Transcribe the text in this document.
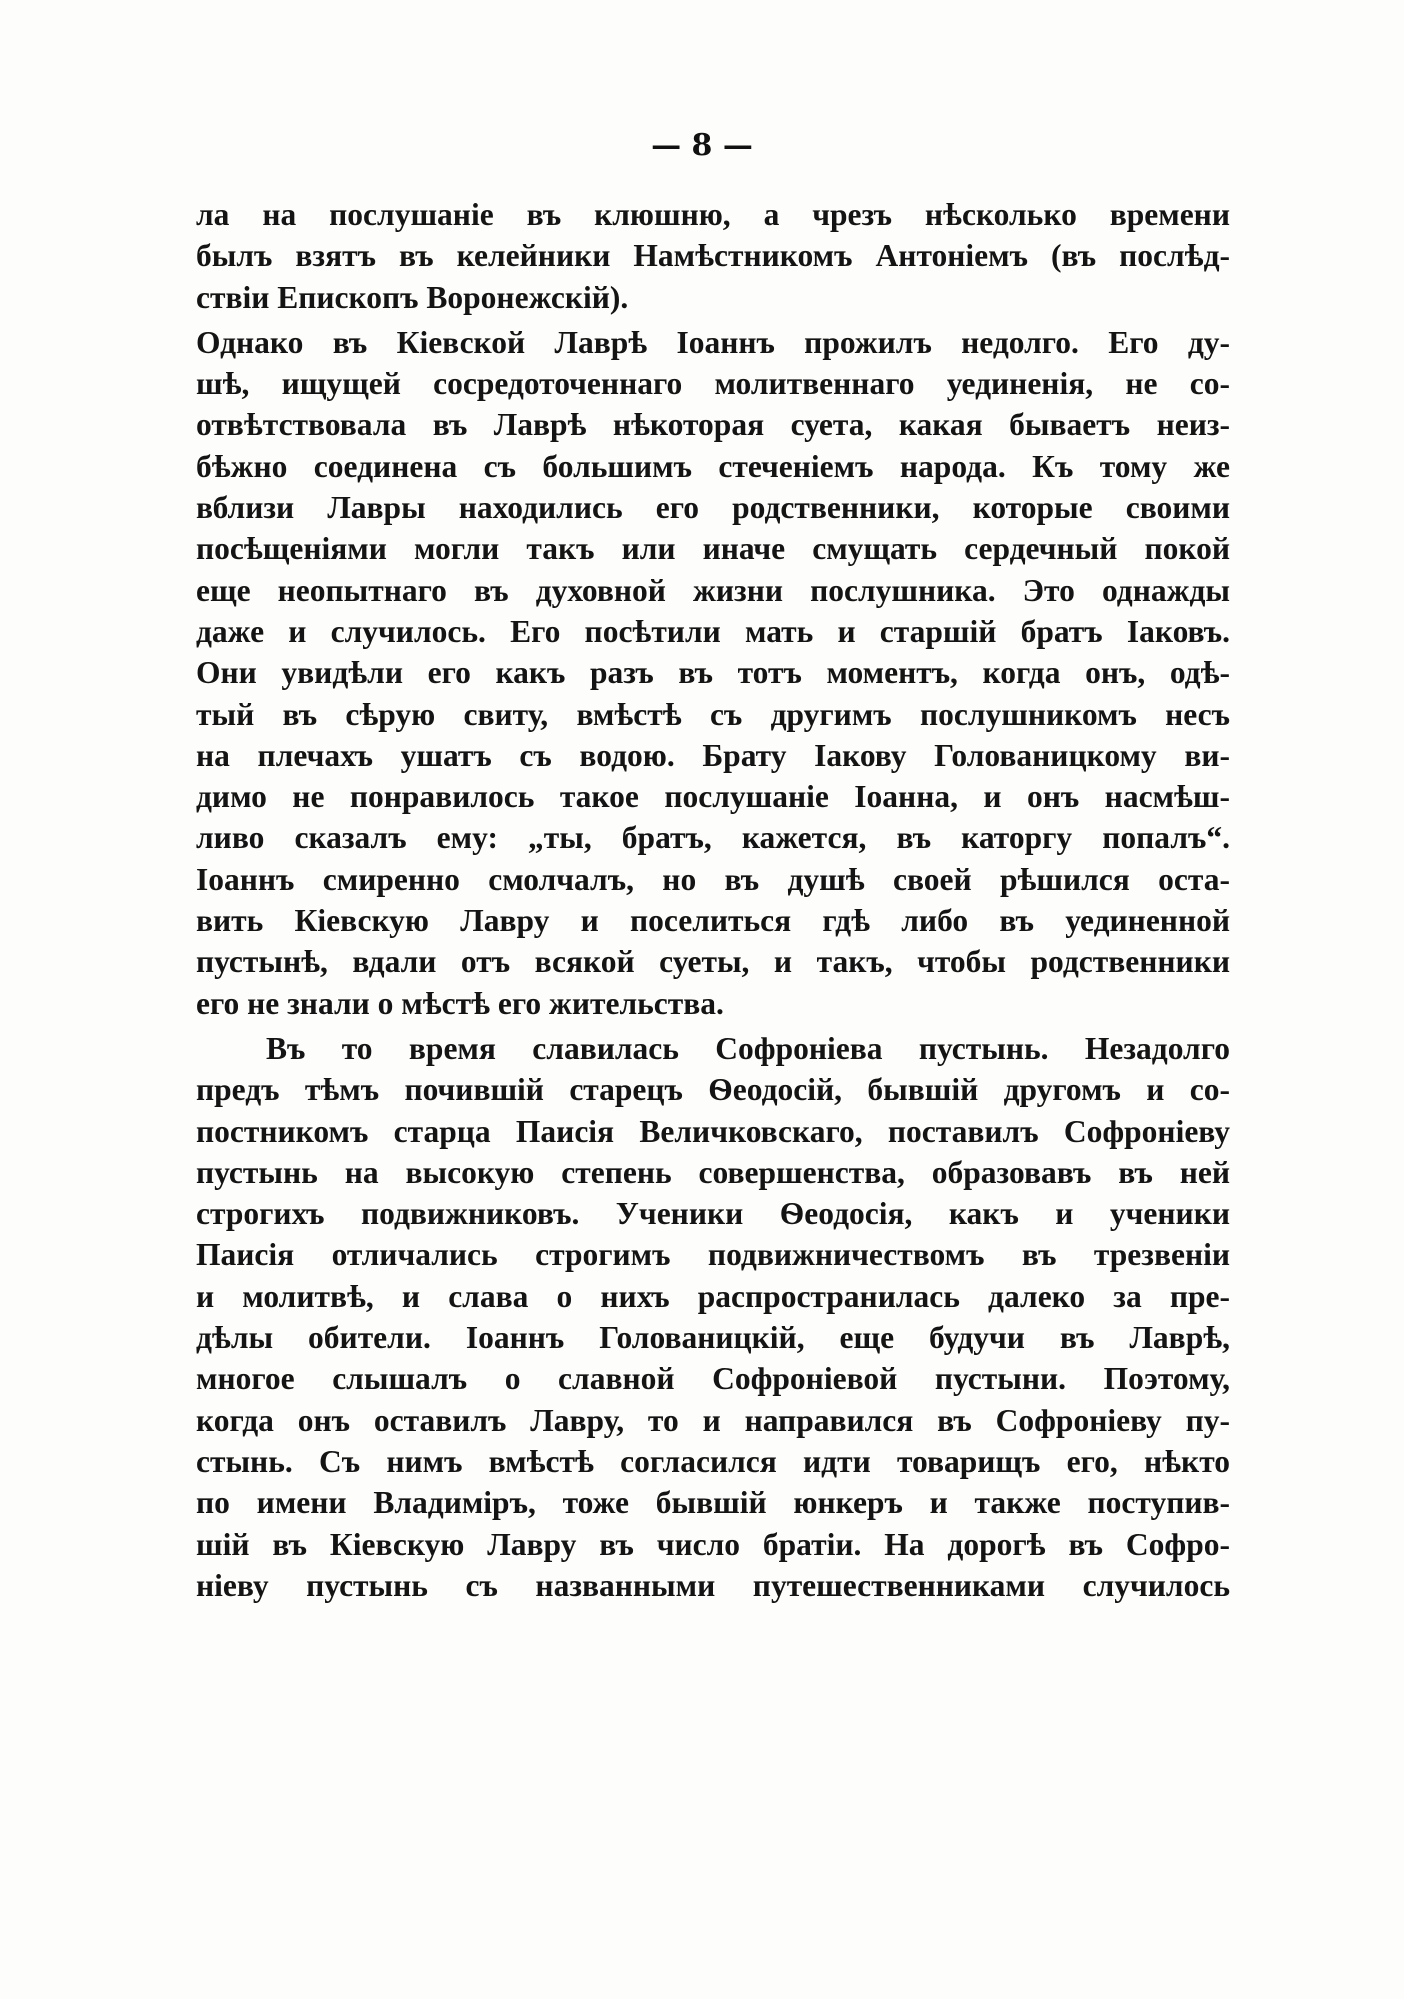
— 8 —
ла на послушаніе въ клюшню, а чрезъ нѣсколько времени
былъ взятъ въ келейники Намѣстникомъ Антоніемъ (въ послѣд-
ствіи Епископъ Воронежскій).
Однако въ Кіевской Лаврѣ Іоаннъ прожилъ недолго. Его ду-
шѣ, ищущей сосредоточеннаго молитвеннаго уединенія, не со-
отвѣтствовала въ Лаврѣ нѣкоторая суета, какая бываетъ неиз-
бѣжно соединена съ большимъ стеченіемъ народа. Къ тому же
вблизи Лавры находились его родственники, которые своими
посѣщеніями могли такъ или иначе смущать сердечный покой
еще неопытнаго въ духовной жизни послушника. Это однажды
даже и случилось. Его посѣтили мать и старшій братъ Іаковъ.
Они увидѣли его какъ разъ въ тотъ моментъ, когда онъ, одѣ-
тый въ сѣрую свиту, вмѣстѣ съ другимъ послушникомъ несъ
на плечахъ ушатъ съ водою. Брату Іакову Голованицкому ви-
димо не понравилось такое послушаніе Іоанна, и онъ насмѣш-
ливо сказалъ ему: „ты, братъ, кажется, въ каторгу попалъ“.
Іоаннъ смиренно смолчалъ, но въ душѣ своей рѣшился оста-
вить Кіевскую Лавру и поселиться гдѣ либо въ уединенной
пустынѣ, вдали отъ всякой суеты, и такъ, чтобы родственники
его не знали о мѣстѣ его жительства.
Въ то время славилась Софроніева пустынь. Незадолго
предъ тѣмъ почившій старецъ Ѳеодосій, бывшій другомъ и со-
постникомъ старца Паисія Величковскаго, поставилъ Софроніеву
пустынь на высокую степень совершенства, образовавъ въ ней
строгихъ подвижниковъ. Ученики Ѳеодосія, какъ и ученики
Паисія отличались строгимъ подвижничествомъ въ трезвеніи
и молитвѣ, и слава о нихъ распространилась далеко за пре-
дѣлы обители. Іоаннъ Голованицкій, еще будучи въ Лаврѣ,
многое слышалъ о славной Софроніевой пустыни. Поэтому,
когда онъ оставилъ Лавру, то и направился въ Софроніеву пу-
стынь. Съ нимъ вмѣстѣ согласился идти товарищъ его, нѣкто
по имени Владиміръ, тоже бывшій юнкеръ и также поступив-
шій въ Кіевскую Лавру въ число братіи. На дорогѣ въ Софро-
ніеву пустынь съ названными путешественниками случилось
